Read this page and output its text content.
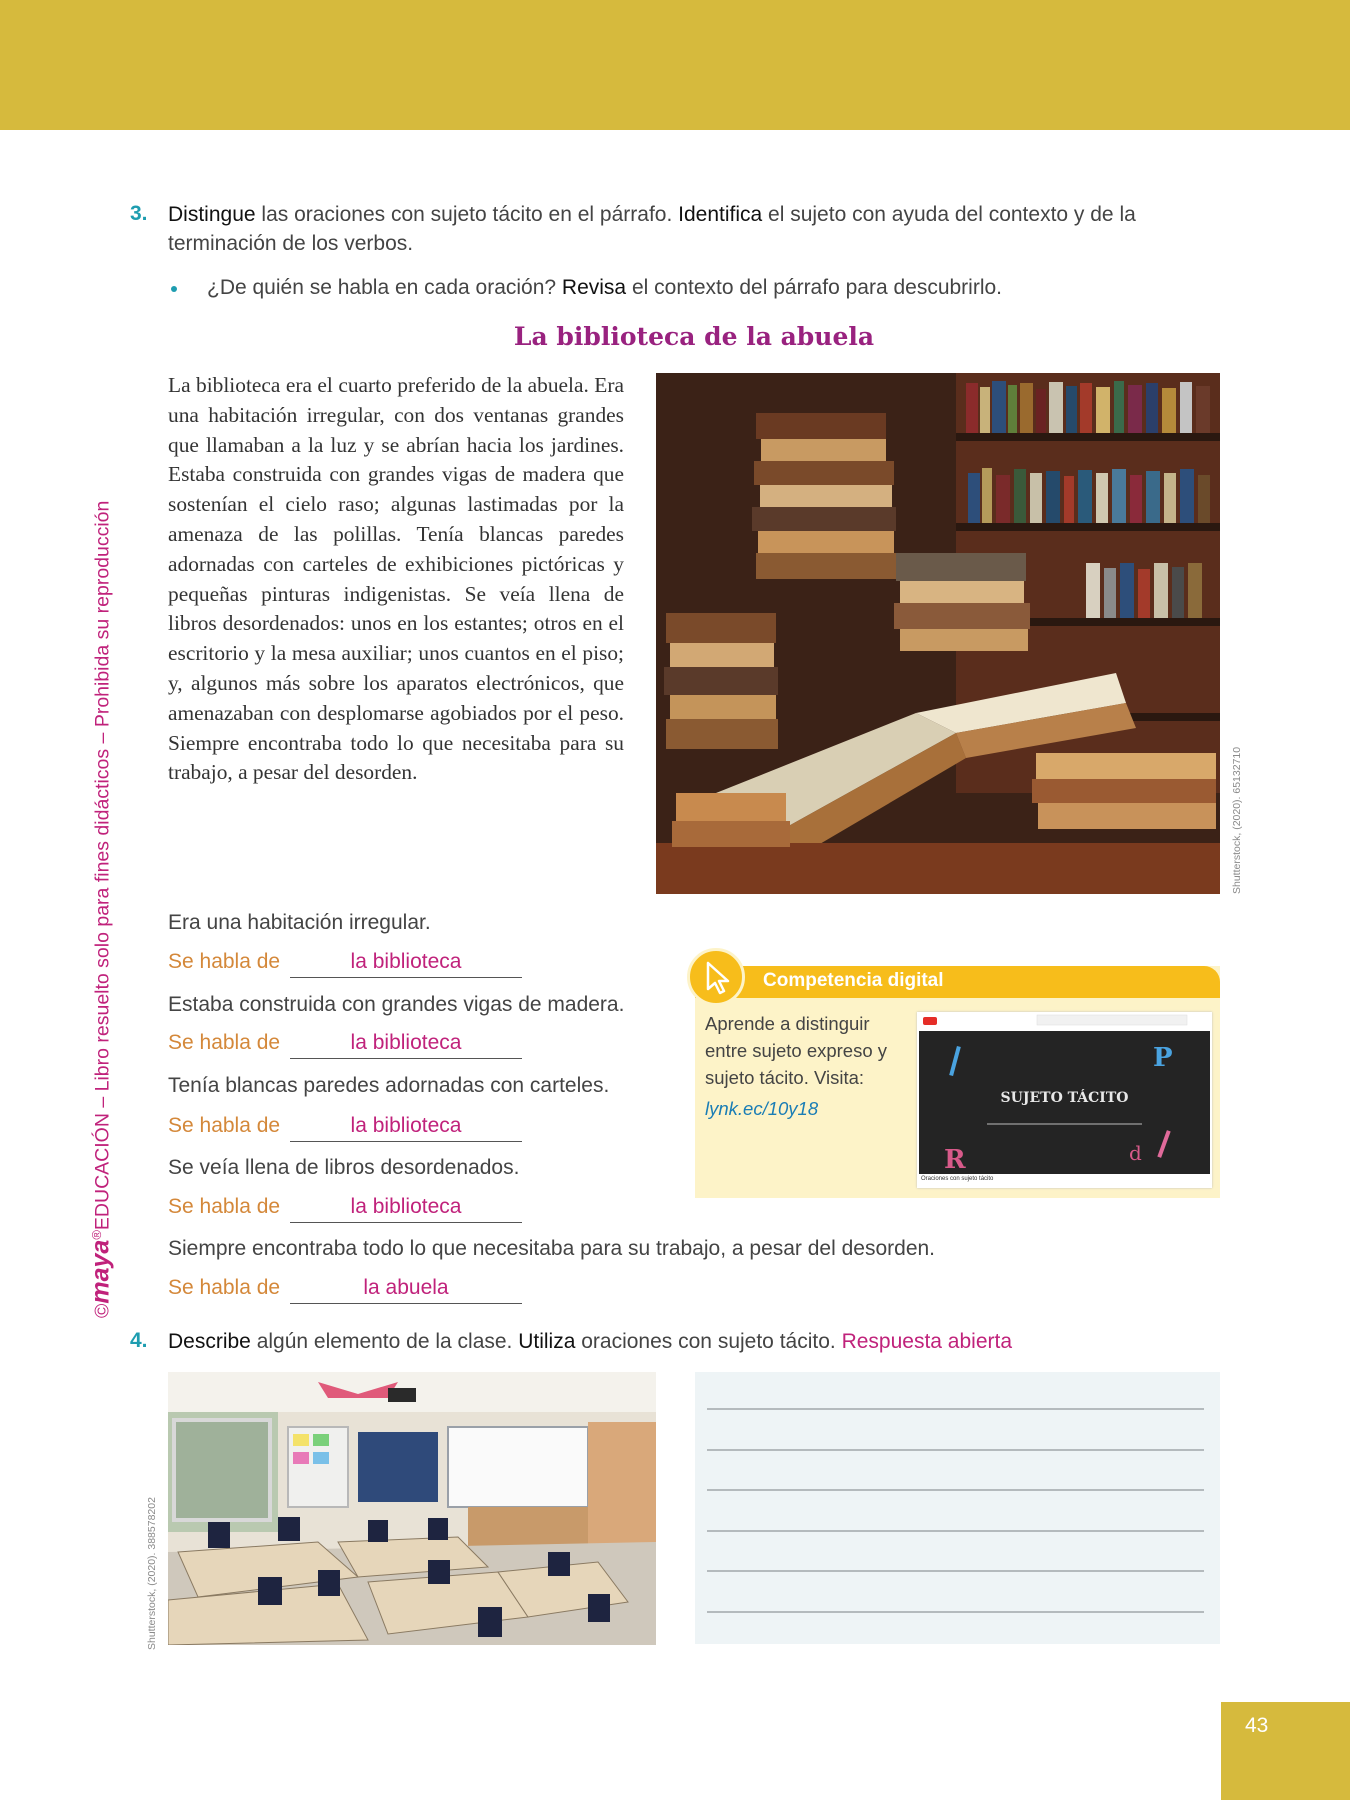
©maya®EDUCACIÓN – Libro resuelto solo para fines didácticos – Prohibida su reproducción
3. Distingue las oraciones con sujeto tácito en el párrafo. Identifica el sujeto con ayuda del contexto y de la terminación de los verbos.
¿De quién se habla en cada oración? Revisa el contexto del párrafo para descubrirlo.
La biblioteca de la abuela
La biblioteca era el cuarto preferido de la abuela. Era una habitación irregular, con dos ventanas grandes que llamaban a la luz y se abrían hacia los jardines. Estaba construida con grandes vigas de madera que sostenían el cielo raso; algunas lastimadas por la amenaza de las polillas. Tenía blancas paredes adornadas con carteles de exhibiciones pictóricas y pequeñas pinturas indigenistas. Se veía llena de libros desordenados: unos en los estantes; otros en el escritorio y la mesa auxiliar; unos cuantos en el piso; y, algunos más sobre los aparatos electrónicos, que amenazaban con desplomarse agobiados por el peso. Siempre encontraba todo lo que necesitaba para su trabajo, a pesar del desorden.	Shutterstock, (2020). 65132710
Era una habitación irregular.
Se habla de	la biblioteca
Estaba construida con grandes vigas de madera.
Se habla de	la biblioteca
Tenía blancas paredes adornadas con carteles.
Se habla de	la biblioteca
Se veía llena de libros desordenados.
Se habla de	la biblioteca
Siempre encontraba todo lo que necesitaba para su trabajo, a pesar del desorden.
Se habla de	la abuela
Competencia digital
Aprende a distinguir entre sujeto expreso y sujeto tácito. Visita:
lynk.ec/10y18
R
P
d
SUJETO TÁCITO
Oraciones con sujeto tácito
4. Describe algún elemento de la clase. Utiliza oraciones con sujeto tácito. Respuesta abierta
Shutterstock, (2020). 388578202
43
